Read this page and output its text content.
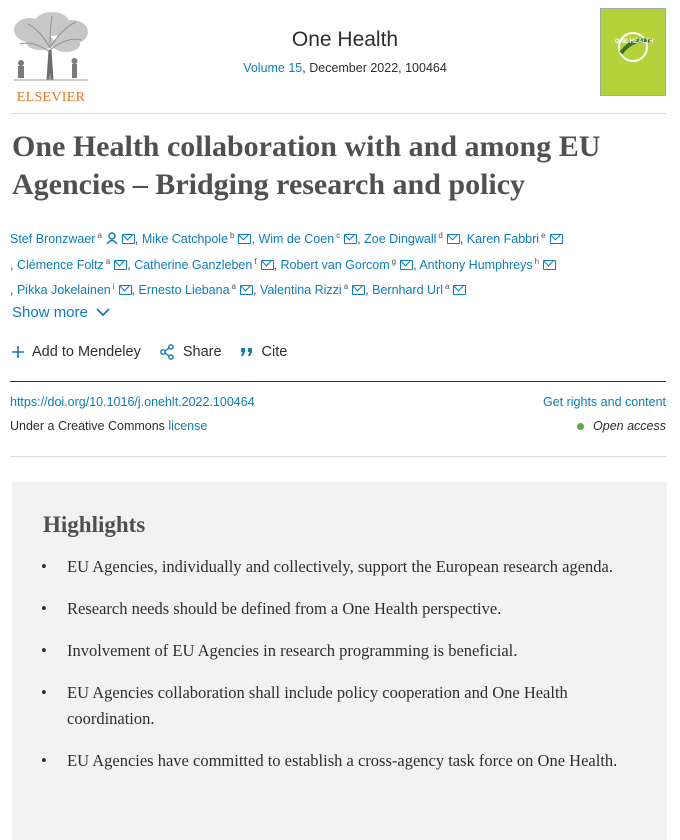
ELSEVIER
One Health
Volume 15, December 2022, 100464
ONE HEALTH
One Health collaboration with and among EU Agencies – Bridging research and policy
Stef Bronzwaer $^a$	, Mike Catchpole $^b$ , Wim de Coen $^c$ , Zoe Dingwall $^d$ , Karen Fabbri $^e$
, Clémence Foltz $^a$ , Catherine Ganzleben $^f$ , Robert van Gorcom $^g$ , Anthony Humphreys $^h$
, Pikka Jokelainen $^i$ , Ernesto Liebana $^a$ , Valentina Rizzi $^a$ , Bernhard Url $^a$
Show more
Add to Mendeley	Share	Cite
https://doi.org/10.1016/j.onehlt.2022.100464	Get rights and content
Under a Creative Commons license	Open access
Highlights
• EU Agencies, individually and collectively, support the European research agenda.
• Research needs should be defined from a One Health perspective.
• Involvement of EU Agencies in research programming is beneficial.
• EU Agencies collaboration shall include policy cooperation and One Health coordination.
• EU Agencies have committed to establish a cross-agency task force on One Health.
